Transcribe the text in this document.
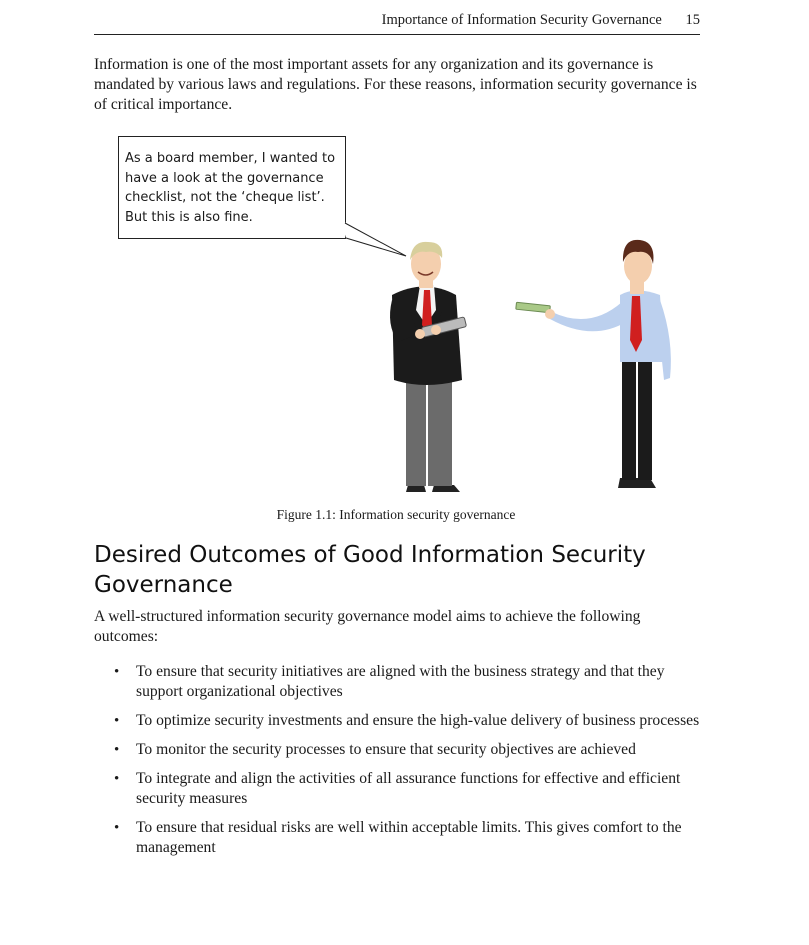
Importance of Information Security Governance 15

Information is one of the most important assets for any organization and its governance is mandated by various laws and regulations. For these reasons, information security governance is of critical importance.

As a board member, I wanted to
have a look at the governance
checklist, not the ‘cheque list’.
But this is also fine.
Figure 1.1: Information security governance
Desired Outcomes of Good Information Security Governance

A well-structured information security governance model aims to achieve the following outcomes:

• To ensure that security initiatives are aligned with the business strategy and that they support organizational objectives
• To optimize security investments and ensure the high-value delivery of business processes
• To monitor the security processes to ensure that security objectives are achieved
• To integrate and align the activities of all assurance functions for effective and efficient security measures
• To ensure that residual risks are well within acceptable limits. This gives comfort to the management
